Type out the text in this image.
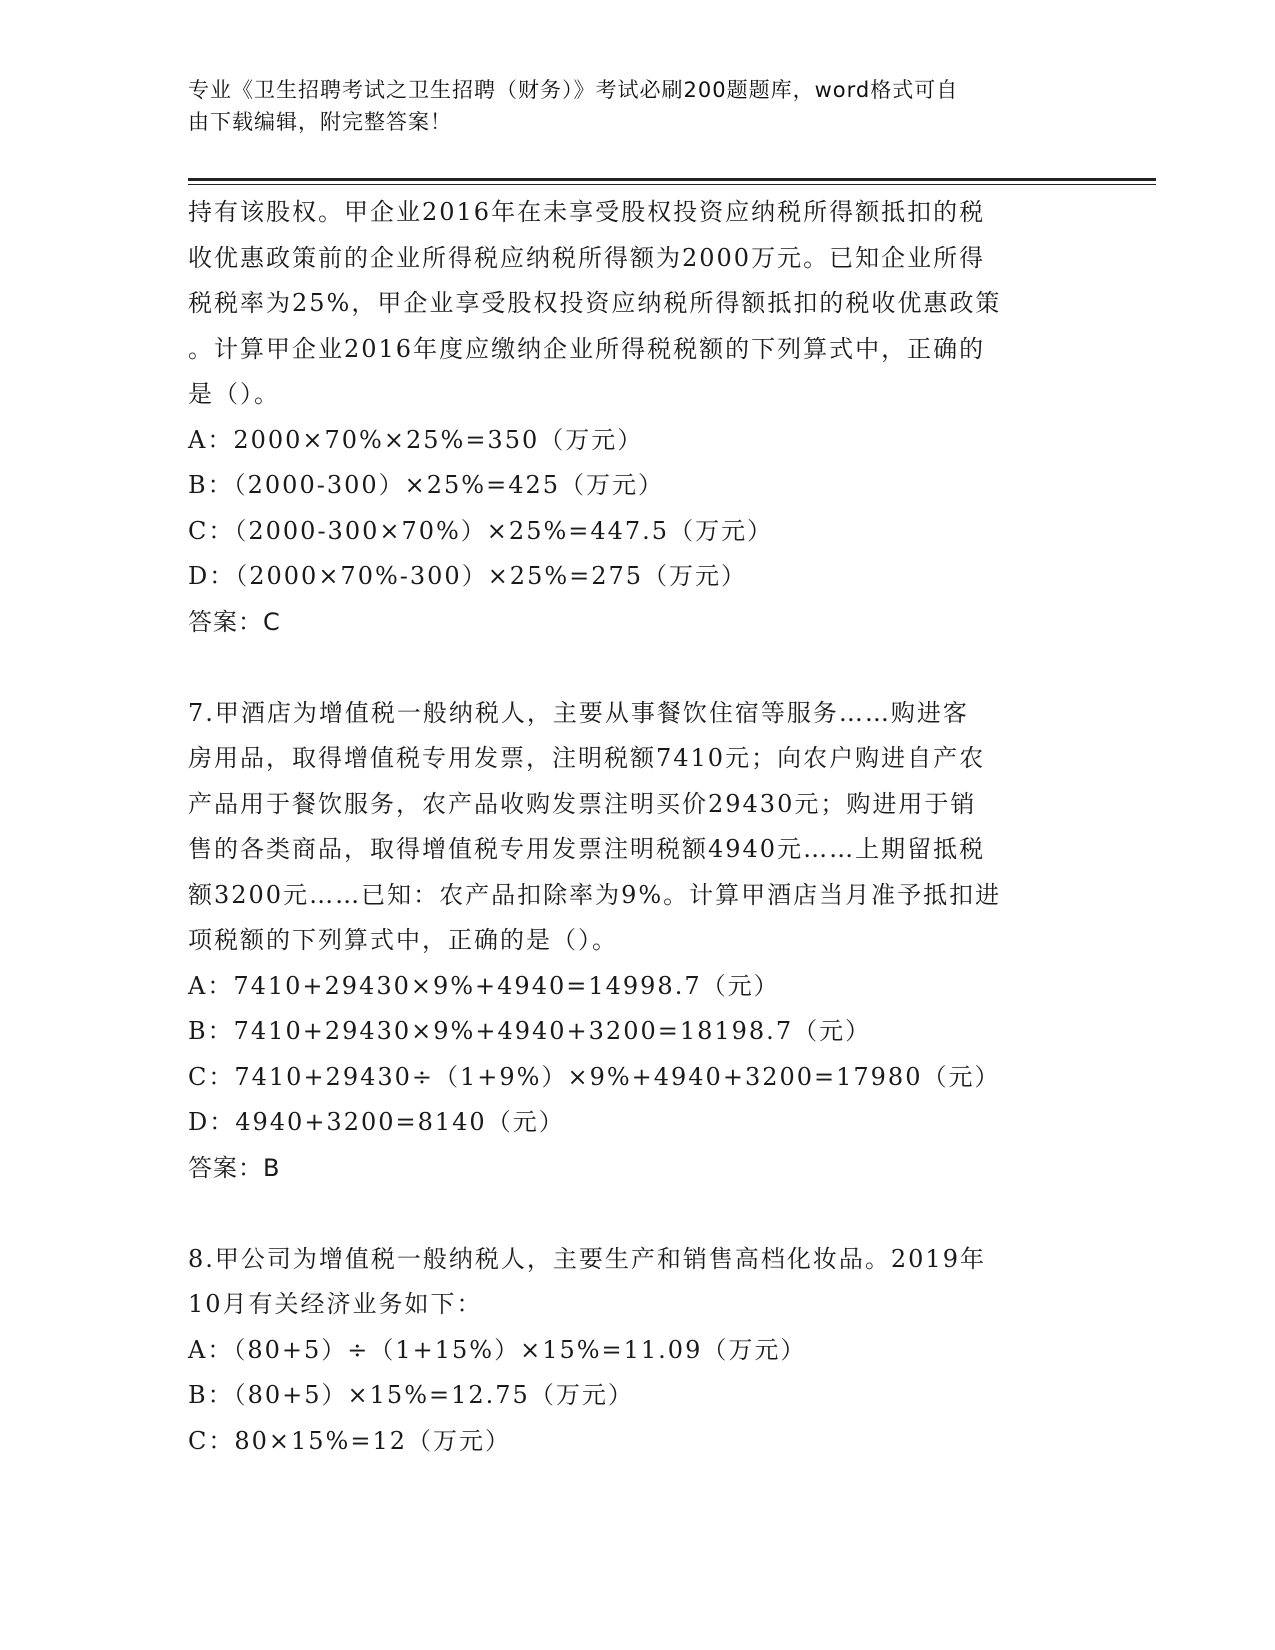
专业《卫生招聘考试之卫生招聘（财务）》考试必刷200题题库，word格式可自
由下载编辑，附完整答案！

持有该股权。甲企业2016年在未享受股权投资应纳税所得额抵扣的税

收优惠政策前的企业所得税应纳税所得额为2000万元。已知企业所得

税税率为25%，甲企业享受股权投资应纳税所得额抵扣的税收优惠政策

。计算甲企业2016年度应缴纳企业所得税税额的下列算式中，正确的

是（）。

A：2000×70%×25%=350（万元）

B：（2000-300）×25%=425（万元）

C：（2000-300×70%）×25%=447.5（万元）

D：（2000×70%-300）×25%=275（万元）

答案：C

7.甲酒店为增值税一般纳税人，主要从事餐饮住宿等服务……购进客

房用品，取得增值税专用发票，注明税额7410元；向农户购进自产农

产品用于餐饮服务，农产品收购发票注明买价29430元；购进用于销

售的各类商品，取得增值税专用发票注明税额4940元……上期留抵税

额3200元……已知：农产品扣除率为9%。计算甲酒店当月准予抵扣进

项税额的下列算式中，正确的是（）。

A：7410+29430×9%+4940=14998.7（元）

B：7410+29430×9%+4940+3200=18198.7（元）

C：7410+29430÷（1+9%）×9%+4940+3200=17980（元）

D：4940+3200=8140（元）

答案：B

8.甲公司为增值税一般纳税人，主要生产和销售高档化妆品。2019年

10月有关经济业务如下：

A：（80+5）÷（1+15%）×15%=11.09（万元）

B：（80+5）×15%=12.75（万元）

C：80×15%=12（万元）
